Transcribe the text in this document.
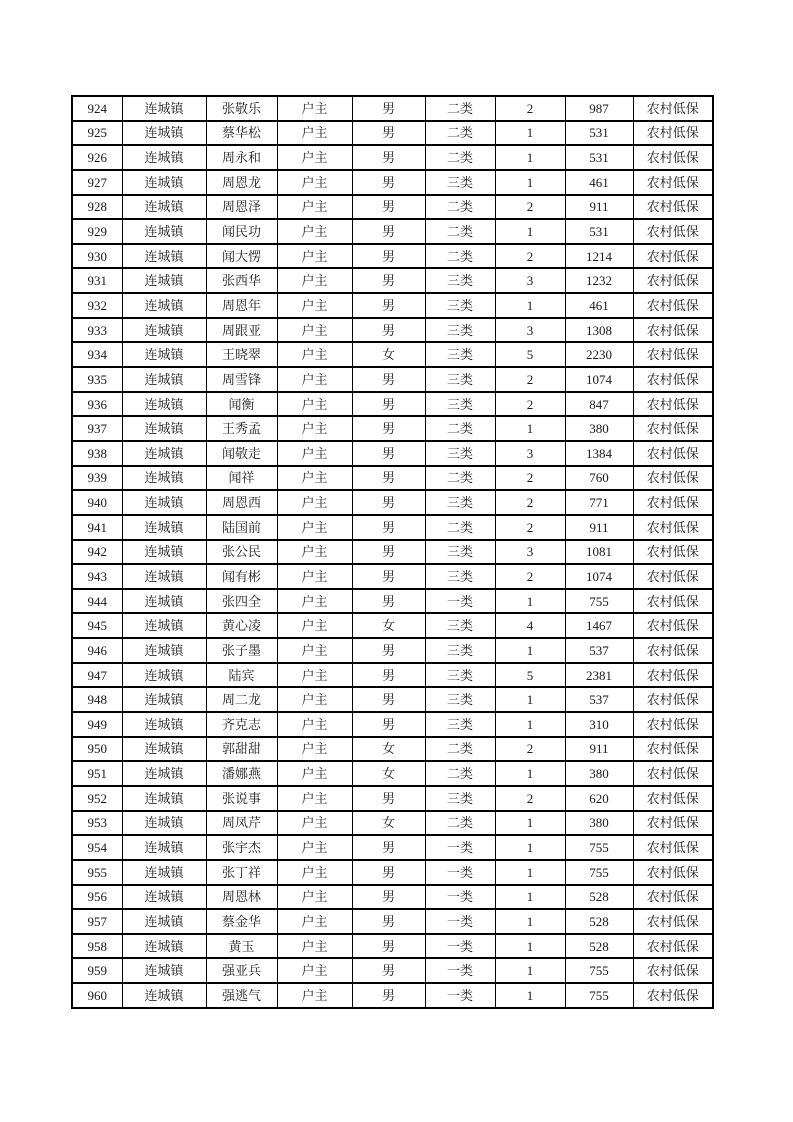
924	连城镇	张敬乐	户主	男	二类	2	987	农村低保
925	连城镇	蔡华松	户主	男	二类	1	531	农村低保
926	连城镇	周永和	户主	男	二类	1	531	农村低保
927	连城镇	周恩龙	户主	男	三类	1	461	农村低保
928	连城镇	周恩泽	户主	男	二类	2	911	农村低保
929	连城镇	闻民功	户主	男	二类	1	531	农村低保
930	连城镇	闻大愣	户主	男	二类	2	1214	农村低保
931	连城镇	张西华	户主	男	三类	3	1232	农村低保
932	连城镇	周恩年	户主	男	三类	1	461	农村低保
933	连城镇	周跟亚	户主	男	三类	3	1308	农村低保
934	连城镇	王晓翠	户主	女	三类	5	2230	农村低保
935	连城镇	周雪锋	户主	男	三类	2	1074	农村低保
936	连城镇	闻衡	户主	男	三类	2	847	农村低保
937	连城镇	王秀孟	户主	男	二类	1	380	农村低保
938	连城镇	闻敬走	户主	男	三类	3	1384	农村低保
939	连城镇	闻祥	户主	男	二类	2	760	农村低保
940	连城镇	周恩西	户主	男	三类	2	771	农村低保
941	连城镇	陆国前	户主	男	二类	2	911	农村低保
942	连城镇	张公民	户主	男	三类	3	1081	农村低保
943	连城镇	闻有彬	户主	男	三类	2	1074	农村低保
944	连城镇	张四全	户主	男	一类	1	755	农村低保
945	连城镇	黄心凌	户主	女	三类	4	1467	农村低保
946	连城镇	张子墨	户主	男	三类	1	537	农村低保
947	连城镇	陆宾	户主	男	三类	5	2381	农村低保
948	连城镇	周二龙	户主	男	三类	1	537	农村低保
949	连城镇	齐克志	户主	男	三类	1	310	农村低保
950	连城镇	郭甜甜	户主	女	二类	2	911	农村低保
951	连城镇	潘娜燕	户主	女	二类	1	380	农村低保
952	连城镇	张说事	户主	男	三类	2	620	农村低保
953	连城镇	周凤芹	户主	女	二类	1	380	农村低保
954	连城镇	张宇杰	户主	男	一类	1	755	农村低保
955	连城镇	张丁祥	户主	男	一类	1	755	农村低保
956	连城镇	周恩林	户主	男	一类	1	528	农村低保
957	连城镇	蔡金华	户主	男	一类	1	528	农村低保
958	连城镇	黄玉	户主	男	一类	1	528	农村低保
959	连城镇	强亚兵	户主	男	一类	1	755	农村低保
960	连城镇	强逃气	户主	男	一类	1	755	农村低保
